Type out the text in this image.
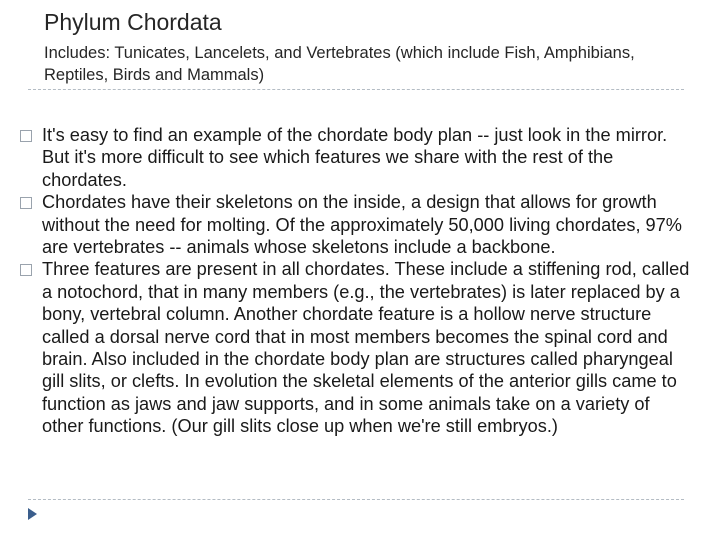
Phylum Chordata
Includes: Tunicates, Lancelets, and Vertebrates (which include Fish, Amphibians, Reptiles, Birds and Mammals)
It's easy to find an example of the chordate body plan -- just look in the mirror. But it's more difficult to see which features we share with the rest of the chordates.
Chordates have their skeletons on the inside, a design that allows for growth without the need for molting. Of the approximately 50,000 living chordates, 97% are vertebrates -- animals whose skeletons include a backbone.
Three features are present in all chordates. These include a stiffening rod, called a notochord, that in many members (e.g., the vertebrates) is later replaced by a bony, vertebral column. Another chordate feature is a hollow nerve structure called a dorsal nerve cord that in most members becomes the spinal cord and brain. Also included in the chordate body plan are structures called pharyngeal gill slits, or clefts. In evolution the skeletal elements of the anterior gills came to function as jaws and jaw supports, and in some animals take on a variety of other functions. (Our gill slits close up when we're still embryos.)
